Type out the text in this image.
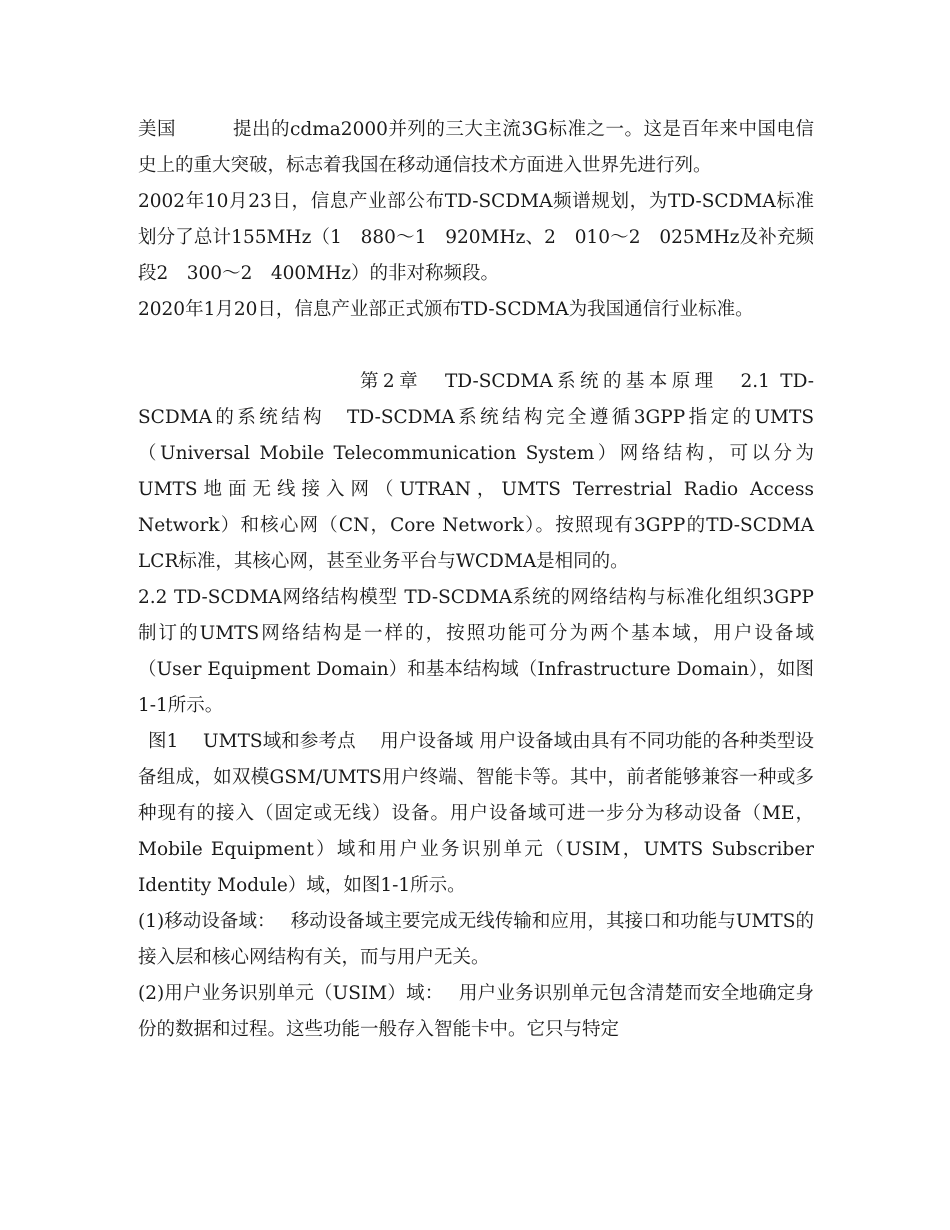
美国　　　提出的cdma2000并列的三大主流3G标准之一。这是百年来中国电信史上的重大突破，标志着我国在移动通信技术方面进入世界先进行列。

2002年10月23日，信息产业部公布TD-SCDMA频谱规划，为TD-SCDMA标准划分了总计155MHz（1　880～1　920MHz、2　010～2　025MHz及补充频段2　300～2　400MHz）的非对称频段。

2020年1月20日，信息产业部正式颁布TD-SCDMA为我国通信行业标准。

第2章　TD-SCDMA系统的基本原理　2.1 TD-SCDMA的系统结构　TD-SCDMA系统结构完全遵循3GPP指定的UMTS（Universal Mobile Telecommunication System）网络结构，可以分为UMTS地面无线接入网（UTRAN，UMTS Terrestrial Radio Access Network）和核心网（CN，Core Network）。按照现有3GPP的TD-SCDMA LCR标准，其核心网，甚至业务平台与WCDMA是相同的。

2.2 TD-SCDMA网络结构模型 TD-SCDMA系统的网络结构与标准化组织3GPP制订的UMTS网络结构是一样的，按照功能可分为两个基本域，用户设备域（User Equipment Domain）和基本结构域（Infrastructure Domain），如图1-1所示。

图1　 UMTS域和参考点　 用户设备域 用户设备域由具有不同功能的各种类型设备组成，如双模GSM/UMTS用户终端、智能卡等。其中，前者能够兼容一种或多种现有的接入（固定或无线）设备。用户设备域可进一步分为移动设备（ME，Mobile Equipment）域和用户业务识别单元（USIM，UMTS Subscriber Identity Module）域，如图1-1所示。

(1)移动设备域：　 移动设备域主要完成无线传输和应用，其接口和功能与UMTS的接入层和核心网结构有关，而与用户无关。

(2)用户业务识别单元（USIM）域：　 用户业务识别单元包含清楚而安全地确定身份的数据和过程。这些功能一般存入智能卡中。它只与特定
